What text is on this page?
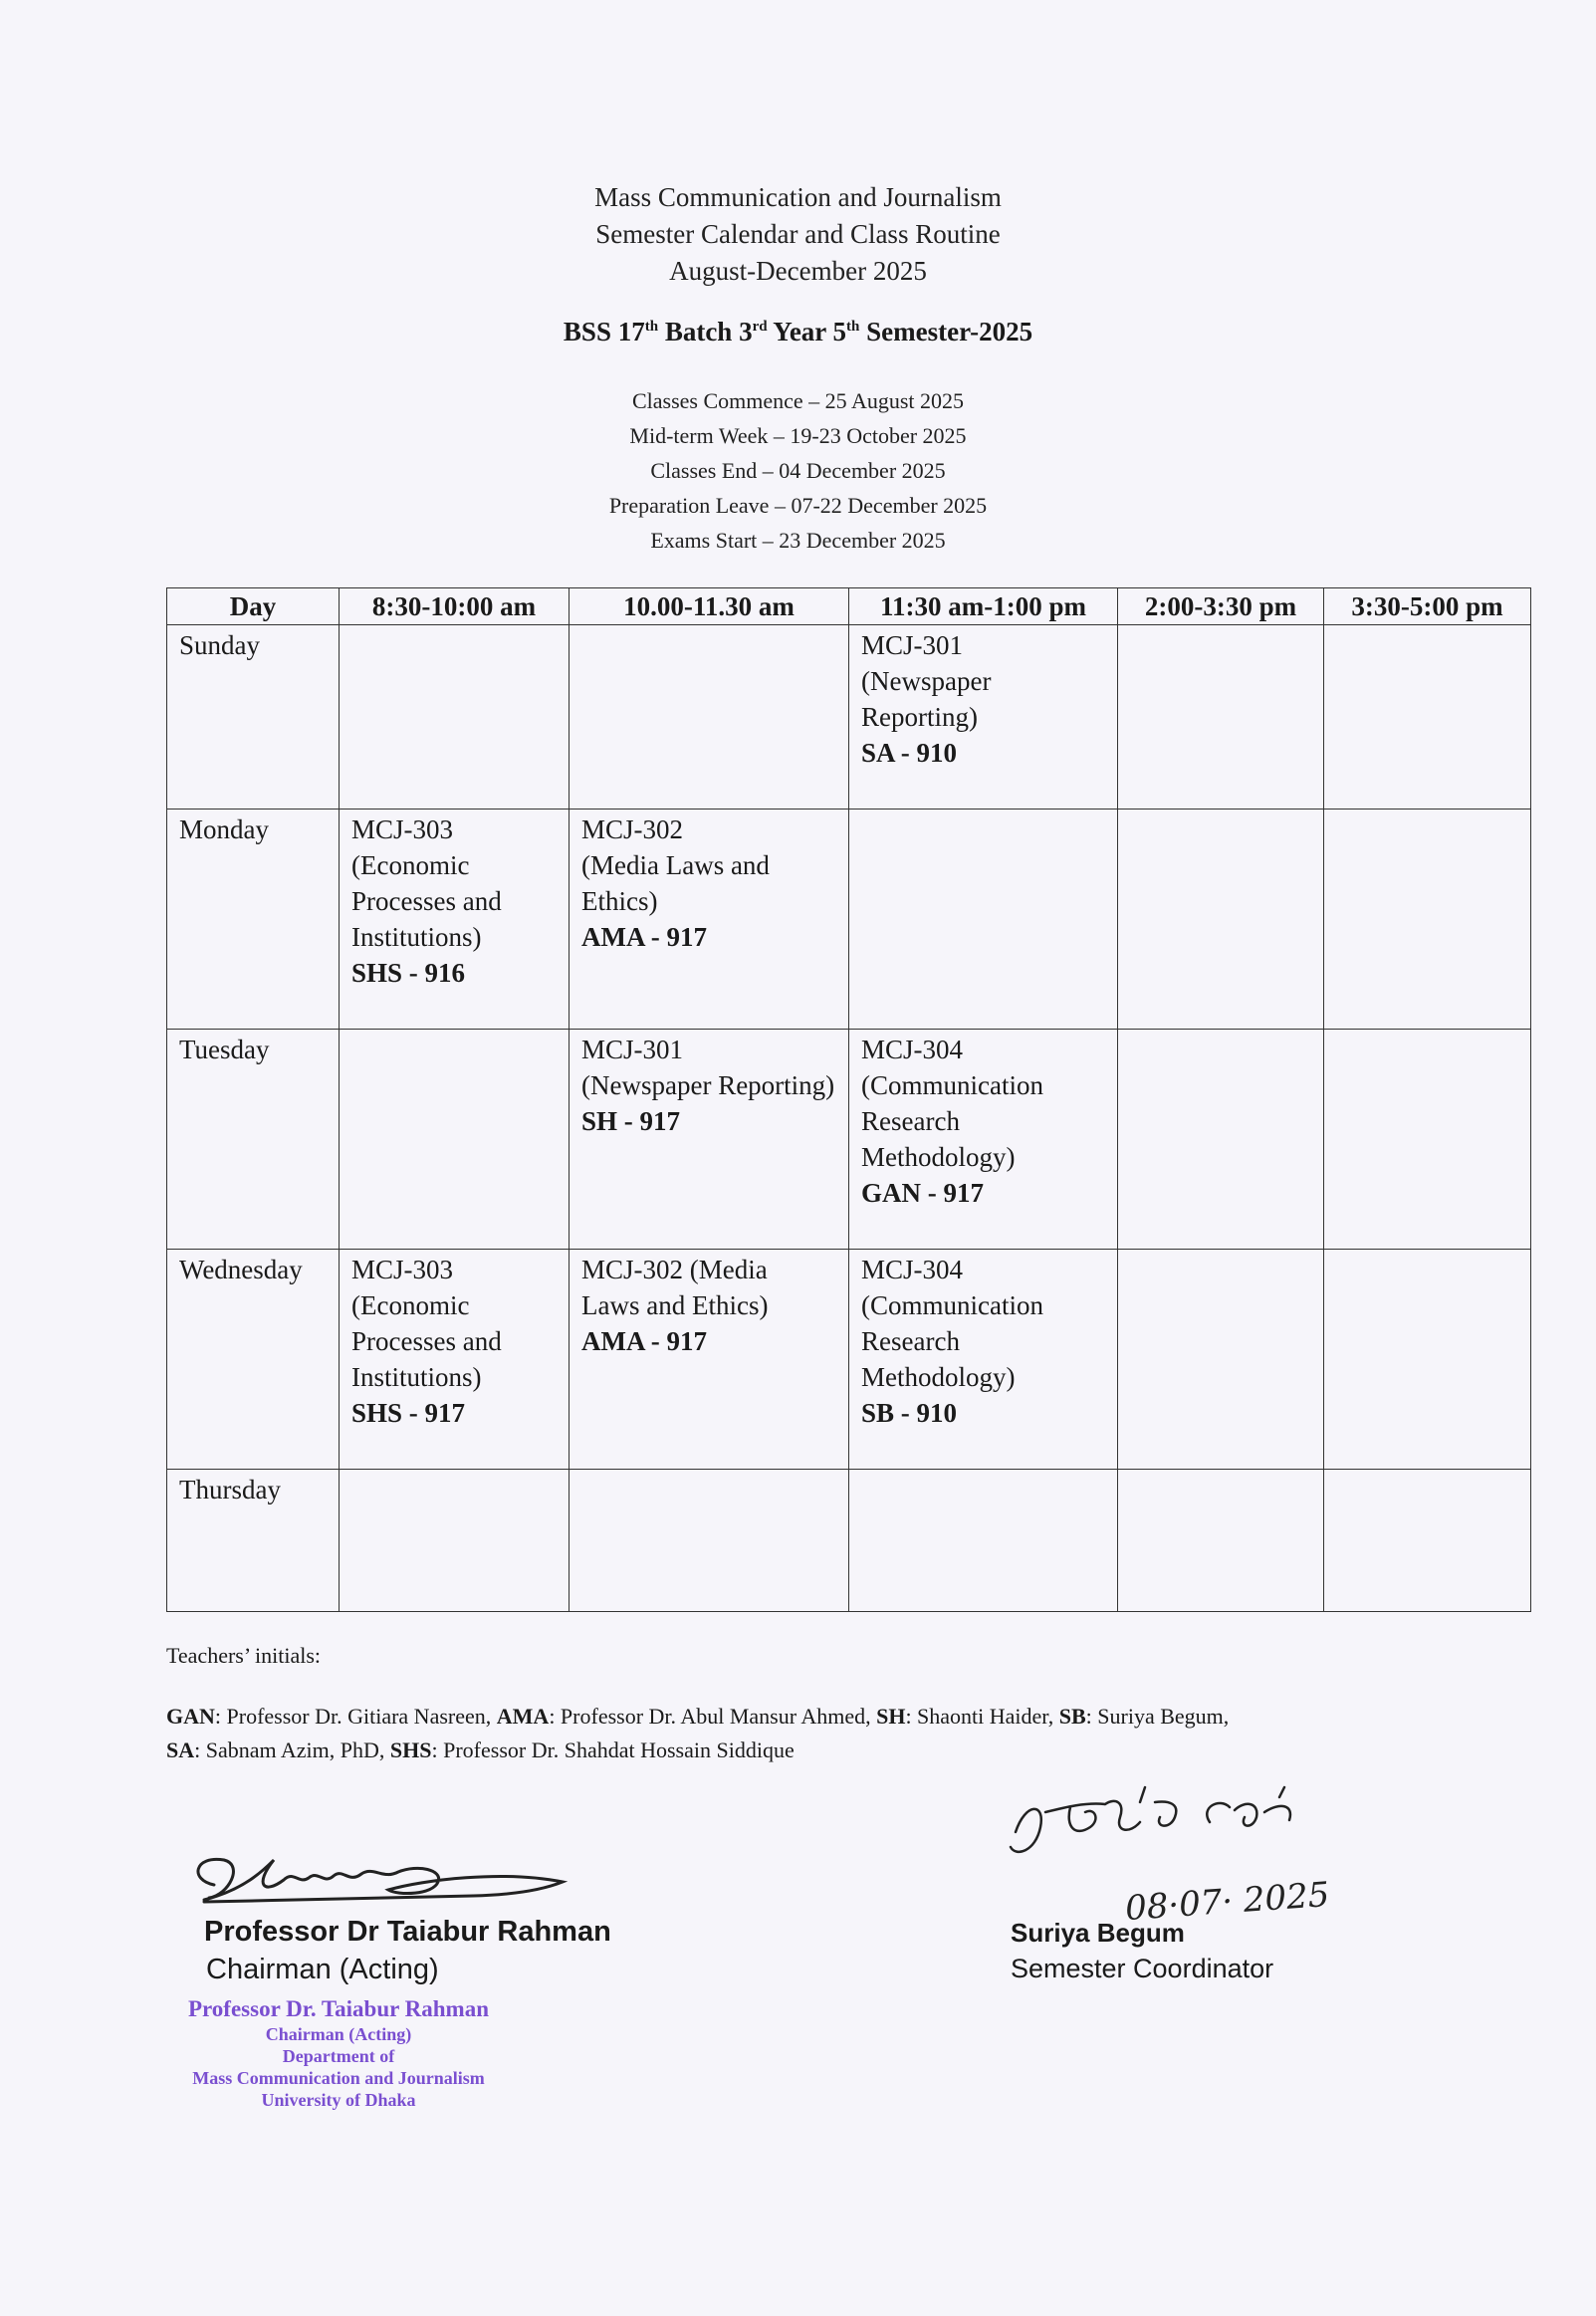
Mass Communication and Journalism
Semester Calendar and Class Routine
August-December 2025
BSS 17th Batch 3rd Year 5th Semester-2025
Classes Commence – 25 August 2025
Mid-term Week – 19-23 October 2025
Classes End – 04 December 2025
Preparation Leave – 07-22 December 2025
Exams Start – 23 December 2025
Day	8:30-10:00 am	10.00-11.30 am	11:30 am-1:00 pm	2:00-3:30 pm	3:30-5:00 pm
Sunday			MCJ-301
(Newspaper Reporting)
SA - 910		

Monday	MCJ-303
(Economic Processes and Institutions)
SHS - 916	MCJ-302
(Media Laws and Ethics)
AMA - 917			

Tuesday		MCJ-301
(Newspaper Reporting)
SH - 917	MCJ-304
(Communication Research Methodology)
GAN - 917		

Wednesday	MCJ-303
(Economic Processes and Institutions)
SHS - 917	MCJ-302 (Media
Laws and Ethics)
AMA - 917	MCJ-304
(Communication Research Methodology)
SB - 910		

Thursday					
Teachers’ initials:
GAN: Professor Dr. Gitiara Nasreen, AMA: Professor Dr. Abul Mansur Ahmed, SH: Shaonti Haider, SB: Suriya Begum,
SA: Sabnam Azim, PhD, SHS: Professor Dr. Shahdat Hossain Siddique
Professor Dr Taiabur Rahman
Chairman (Acting)
Professor Dr. Taiabur Rahman
Chairman (Acting)
Department of
Mass Communication and Journalism
University of Dhaka
08·07· 2025
Suriya Begum
Semester Coordinator
